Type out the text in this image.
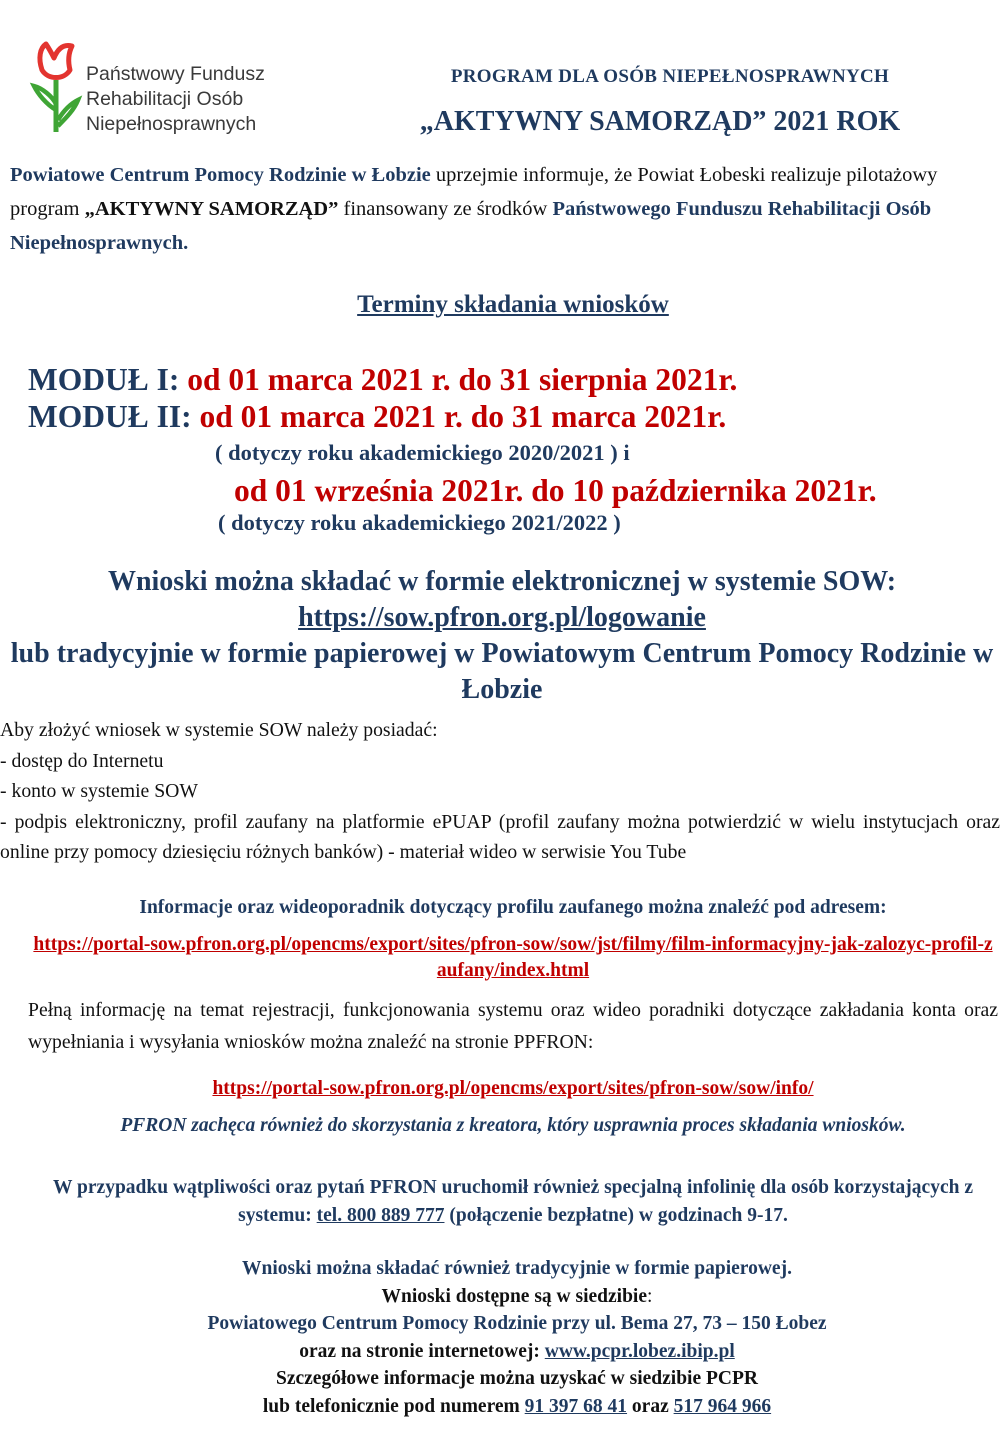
Państwowy Fundusz
Rehabilitacji Osób
Niepełnosprawnych
PROGRAM DLA OSÓB NIEPEŁNOSPRAWNYCH
„AKTYWNY SAMORZĄD” 2021 ROK
Powiatowe Centrum Pomocy Rodzinie w Łobzie uprzejmie informuje, że Powiat Łobeski realizuje pilotażowy program „AKTYWNY SAMORZĄD” finansowany ze środków Państwowego Funduszu Rehabilitacji Osób Niepełnosprawnych.
Terminy składania wniosków
MODUŁ I: od 01 marca 2021 r. do 31 sierpnia 2021r.
MODUŁ II: od 01 marca 2021 r. do 31 marca 2021r.
( dotyczy roku akademickiego 2020/2021 ) i
od 01 września 2021r. do 10 października 2021r.
( dotyczy roku akademickiego 2021/2022 )
Wnioski można składać w formie elektronicznej w systemie SOW:
https://sow.pfron.org.pl/logowanie
lub tradycyjnie w formie papierowej w Powiatowym Centrum Pomocy Rodzinie w Łobzie
Aby złożyć wniosek w systemie SOW należy posiadać:
- dostęp do Internetu
- konto w systemie SOW
- podpis elektroniczny, profil zaufany na platformie ePUAP (profil zaufany można potwierdzić w wielu instytucjach oraz online przy pomocy dziesięciu różnych banków) - materiał wideo w serwisie You Tube
Informacje oraz wideoporadnik dotyczący profilu zaufanego można znaleźć pod adresem:
https://portal-sow.pfron.org.pl/opencms/export/sites/pfron-sow/sow/jst/filmy/film-informacyjny-jak-zalozyc-profil-zaufany/index.html
Pełną informację na temat rejestracji, funkcjonowania systemu oraz wideo poradniki dotyczące zakładania konta oraz wypełniania i wysyłania wniosków można znaleźć na stronie PPFRON:
https://portal-sow.pfron.org.pl/opencms/export/sites/pfron-sow/sow/info/
PFRON zachęca również do skorzystania z kreatora, który usprawnia proces składania wniosków.
W przypadku wątpliwości oraz pytań PFRON uruchomił również specjalną infolinię dla osób korzystających z systemu: tel. 800 889 777 (połączenie bezpłatne) w godzinach 9-17.
Wnioski można składać również tradycyjnie w formie papierowej.
Wnioski dostępne są w siedzibie:
Powiatowego Centrum Pomocy Rodzinie przy ul. Bema 27, 73 – 150 Łobez
oraz na stronie internetowej: www.pcpr.lobez.ibip.pl
Szczegółowe informacje można uzyskać w siedzibie PCPR
lub telefonicznie pod numerem 91 397 68 41 oraz 517 964 966
